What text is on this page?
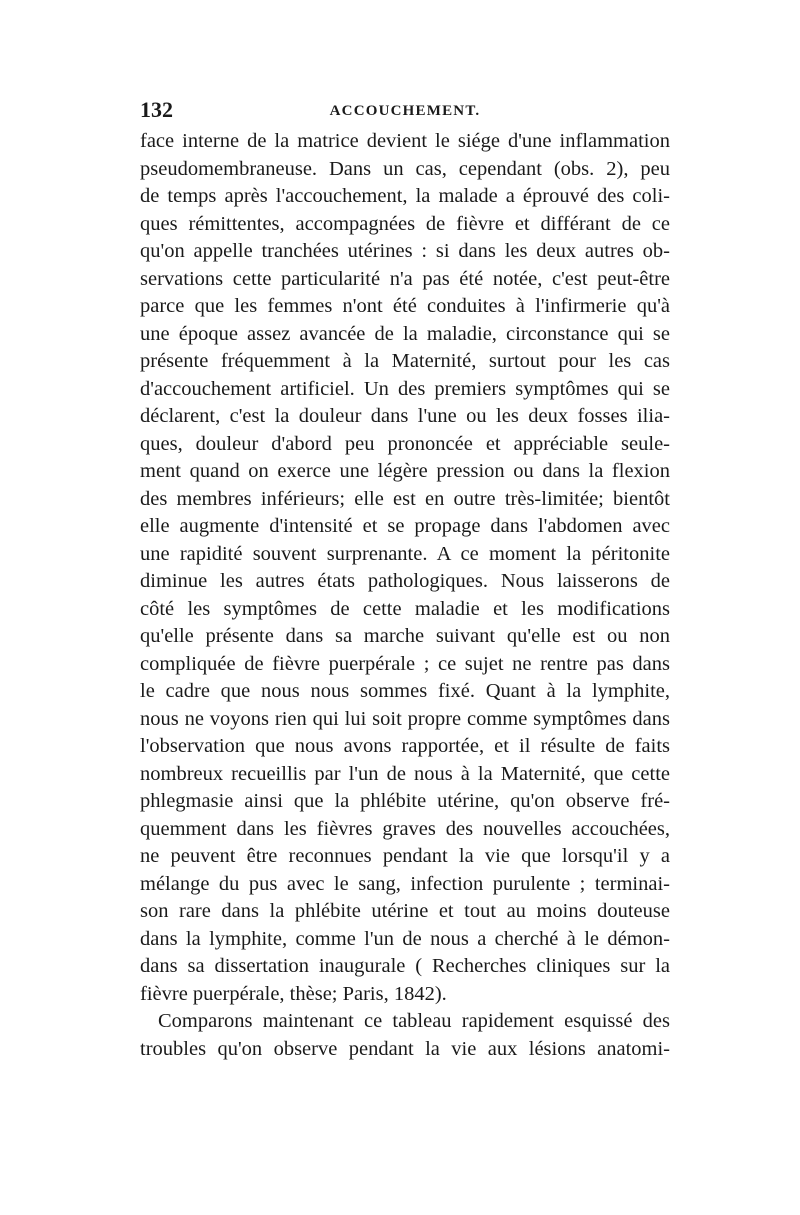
132	ACCOUCHEMENT.
face interne de la matrice devient le siége d'une inflammation
pseudomembraneuse. Dans un cas, cependant (obs. 2), peu
de temps après l'accouchement, la malade a éprouvé des coli-
ques rémittentes, accompagnées de fièvre et différant de ce
qu'on appelle tranchées utérines : si dans les deux autres ob-
servations cette particularité n'a pas été notée, c'est peut-être
parce que les femmes n'ont été conduites à l'infirmerie qu'à
une époque assez avancée de la maladie, circonstance qui se
présente fréquemment à la Maternité, surtout pour les cas
d'accouchement artificiel. Un des premiers symptômes qui se
déclarent, c'est la douleur dans l'une ou les deux fosses ilia-
ques, douleur d'abord peu prononcée et appréciable seule-
ment quand on exerce une légère pression ou dans la flexion
des membres inférieurs; elle est en outre très-limitée; bientôt
elle augmente d'intensité et se propage dans l'abdomen avec
une rapidité souvent surprenante. A ce moment la péritonite
diminue les autres états pathologiques. Nous laisserons de
côté les symptômes de cette maladie et les modifications
qu'elle présente dans sa marche suivant qu'elle est ou non
compliquée de fièvre puerpérale ; ce sujet ne rentre pas dans
le cadre que nous nous sommes fixé. Quant à la lymphite,
nous ne voyons rien qui lui soit propre comme symptômes dans
l'observation que nous avons rapportée, et il résulte de faits
nombreux recueillis par l'un de nous à la Maternité, que cette
phlegmasie ainsi que la phlébite utérine, qu'on observe fré-
quemment dans les fièvres graves des nouvelles accouchées,
ne peuvent être reconnues pendant la vie que lorsqu'il y a
mélange du pus avec le sang, infection purulente ; terminai-
son rare dans la phlébite utérine et tout au moins douteuse
dans la lymphite, comme l'un de nous a cherché à le démon-
dans sa dissertation inaugurale ( Recherches cliniques sur la
fièvre puerpérale, thèse; Paris, 1842).
Comparons maintenant ce tableau rapidement esquissé des
troubles qu'on observe pendant la vie aux lésions anatomi-
